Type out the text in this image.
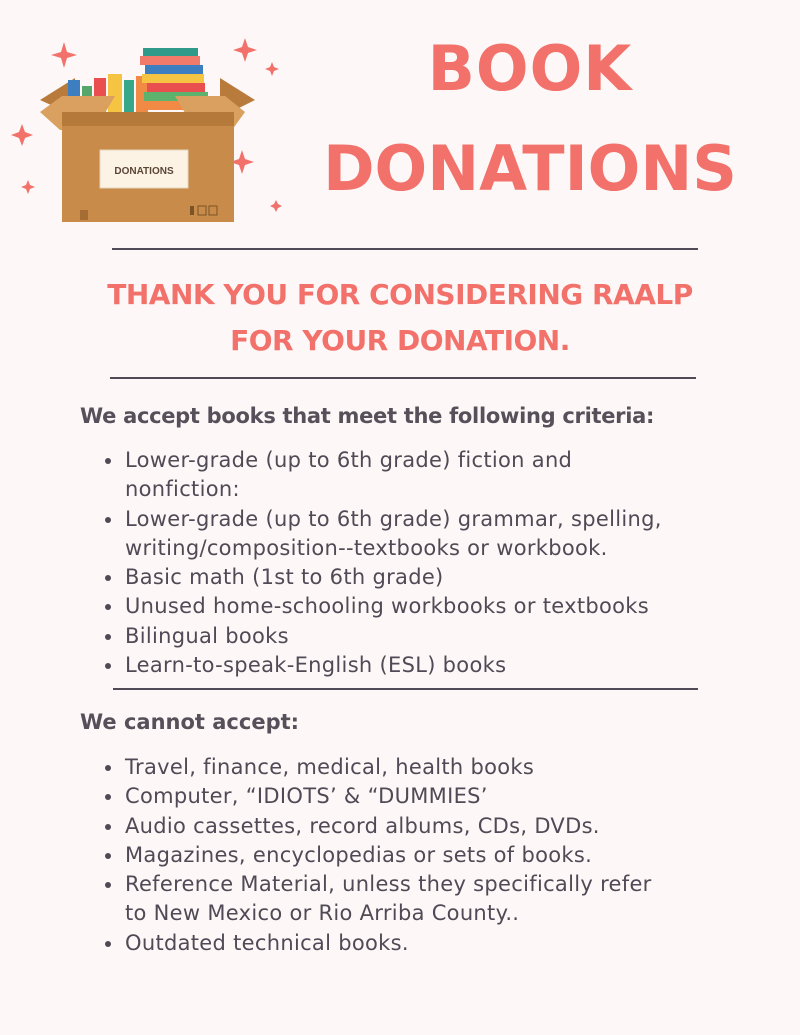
DONATIONS
BOOK
DONATIONS
THANK YOU FOR CONSIDERING RAALP
FOR YOUR DONATION.
We accept books that meet the following criteria:
Lower-grade (up to 6th grade) fiction and
nonfiction:
Lower-grade (up to 6th grade) grammar, spelling,
writing/composition--textbooks or workbook.
Basic math (1st to 6th grade)
Unused home-schooling workbooks or textbooks
Bilingual books
Learn-to-speak-English (ESL) books
We cannot accept:
Travel, finance, medical, health books
Computer, “IDIOTS’ & “DUMMIES’
Audio cassettes, record albums, CDs, DVDs.
Magazines, encyclopedias or sets of books.
Reference Material, unless they specifically refer
to New Mexico or Rio Arriba County..
Outdated technical books.
